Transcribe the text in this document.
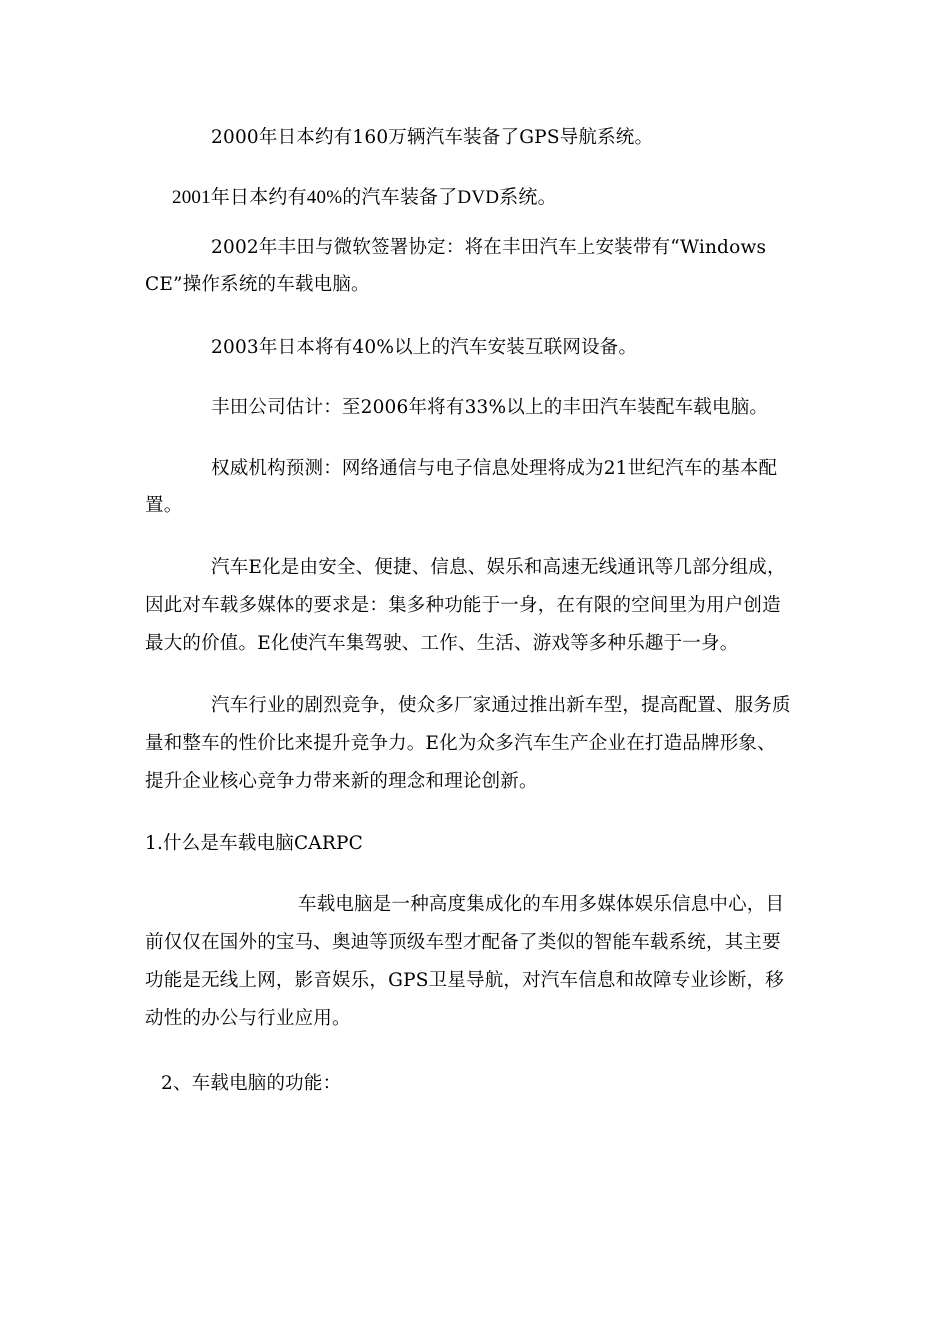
2000年日本约有160万辆汽车装备了GPS导航系统。
2001年日本约有40%的汽车装备了DVD系统。
2002年丰田与微软签署协定：将在丰田汽车上安装带有“Windows
CE”操作系统的车载电脑。
2003年日本将有40%以上的汽车安装互联网设备。
丰田公司估计：至2006年将有33%以上的丰田汽车装配车载电脑。
权威机构预测：网络通信与电子信息处理将成为21世纪汽车的基本配
置。
汽车E化是由安全、便捷、信息、娱乐和高速无线通讯等几部分组成，
因此对车载多媒体的要求是：集多种功能于一身，在有限的空间里为用户创造
最大的价值。E化使汽车集驾驶、工作、生活、游戏等多种乐趣于一身。
汽车行业的剧烈竞争，使众多厂家通过推出新车型，提高配置、服务质
量和整车的性价比来提升竞争力。E化为众多汽车生产企业在打造品牌形象、
提升企业核心竞争力带来新的理念和理论创新。
1.什么是车载电脑CARPC
车载电脑是一种高度集成化的车用多媒体娱乐信息中心，目
前仅仅在国外的宝马、奥迪等顶级车型才配备了类似的智能车载系统，其主要
功能是无线上网，影音娱乐，GPS卫星导航，对汽车信息和故障专业诊断，移
动性的办公与行业应用。
2、车载电脑的功能：
